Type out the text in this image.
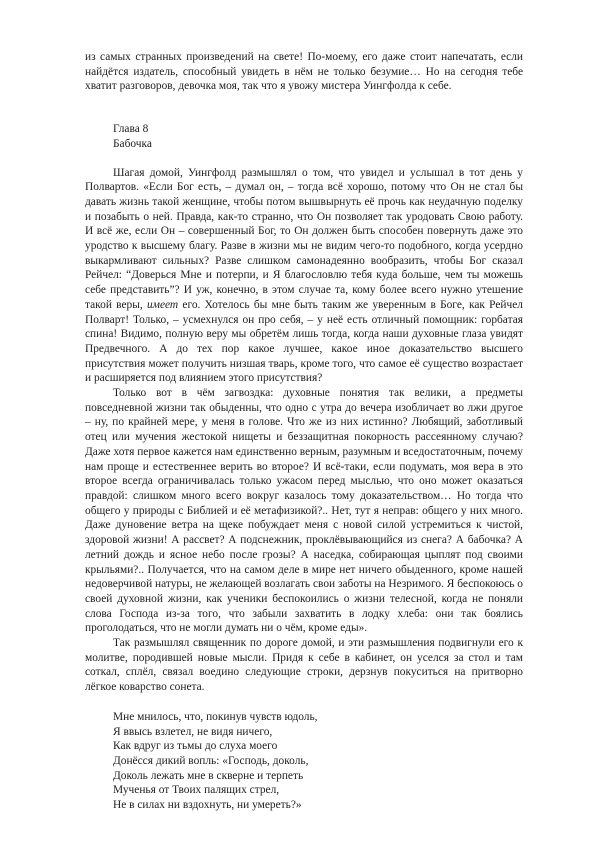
из самых странных произведений на свете! По-моему, его даже стоит напечатать, если найдётся издатель, способный увидеть в нём не только безумие… Но на сегодня тебе хватит разговоров, девочка моя, так что я увожу мистера Уингфолда к себе.

Глава 8
Бабочка

Шагая домой, Уингфолд размышлял о том, что увидел и услышал в тот день у Полвартов. «Если Бог есть, – думал он, – тогда всё хорошо, потому что Он не стал бы давать жизнь такой женщине, чтобы потом вышвырнуть её прочь как неудачную поделку и позабыть о ней. Правда, как-то странно, что Он позволяет так уродовать Свою работу. И всё же, если Он – совершенный Бог, то Он должен быть способен повернуть даже это уродство к высшему благу. Разве в жизни мы не видим чего-то подобного, когда усердно выкармливают сильных? Разве слишком самонадеянно вообразить, чтобы Бог сказал Рейчел: “Доверься Мне и потерпи, и Я благословлю тебя куда больше, чем ты можешь себе представить”? И уж, конечно, в этом случае та, кому более всего нужно утешение такой веры, имеет его. Хотелось бы мне быть таким же уверенным в Боге, как Рейчел Полварт! Только, – усмехнулся он про себя, – у неё есть отличный помощник: горбатая спина! Видимо, полную веру мы обретём лишь тогда, когда наши духовные глаза увидят Предвечного. А до тех пор какое лучшее, какое иное доказательство высшего присутствия может получить низшая тварь, кроме того, что самое её существо возрастает и расширяется под влиянием этого присутствия?

Только вот в чём загвоздка: духовные понятия так велики, а предметы повседневной жизни так обыденны, что одно с утра до вечера изобличает во лжи другое – ну, по крайней мере, у меня в голове. Что же из них истинно? Любящий, заботливый отец или мучения жестокой нищеты и беззащитная покорность рассеянному случаю? Даже хотя первое кажется нам единственно верным, разумным и вседостаточным, почему нам проще и естественнее верить во второе? И всё-таки, если подумать, моя вера в это второе всегда ограничивалась только ужасом перед мыслью, что оно может оказаться правдой: слишком много всего вокруг казалось тому доказательством… Но тогда что общего у природы с Библией и её метафизикой?.. Нет, тут я неправ: общего у них много. Даже дуновение ветра на щеке побуждает меня с новой силой устремиться к чистой, здоровой жизни! А рассвет? А подснежник, проклёвывающийся из снега? А бабочка? А летний дождь и ясное небо после грозы? А наседка, собирающая цыплят под своими крыльями?.. Получается, что на самом деле в мире нет ничего обыденного, кроме нашей недоверчивой натуры, не желающей возлагать свои заботы на Незримого. Я беспокоюсь о своей духовной жизни, как ученики беспокоились о жизни телесной, когда не поняли слова Господа из-за того, что забыли захватить в лодку хлеба: они так боялись проголодаться, что не могли думать ни о чём, кроме еды».

Так размышлял священник по дороге домой, и эти размышления подвигнули его к молитве, породившей новые мысли. Придя к себе в кабинет, он уселся за стол и там соткал, сплёл, связал воедино следующие строки, дерзнув покуситься на притворно лёгкое коварство сонета.

Мне мнилось, что, покинув чувств юдоль,
Я ввысь взлетел, не видя ничего,
Как вдруг из тьмы до слуха моего
Донёсся дикий вопль: «Господь, доколь,
Доколь лежать мне в скверне и терпеть
Мученья от Твоих палящих стрел,
Не в силах ни вздохнуть, ни умереть?»
